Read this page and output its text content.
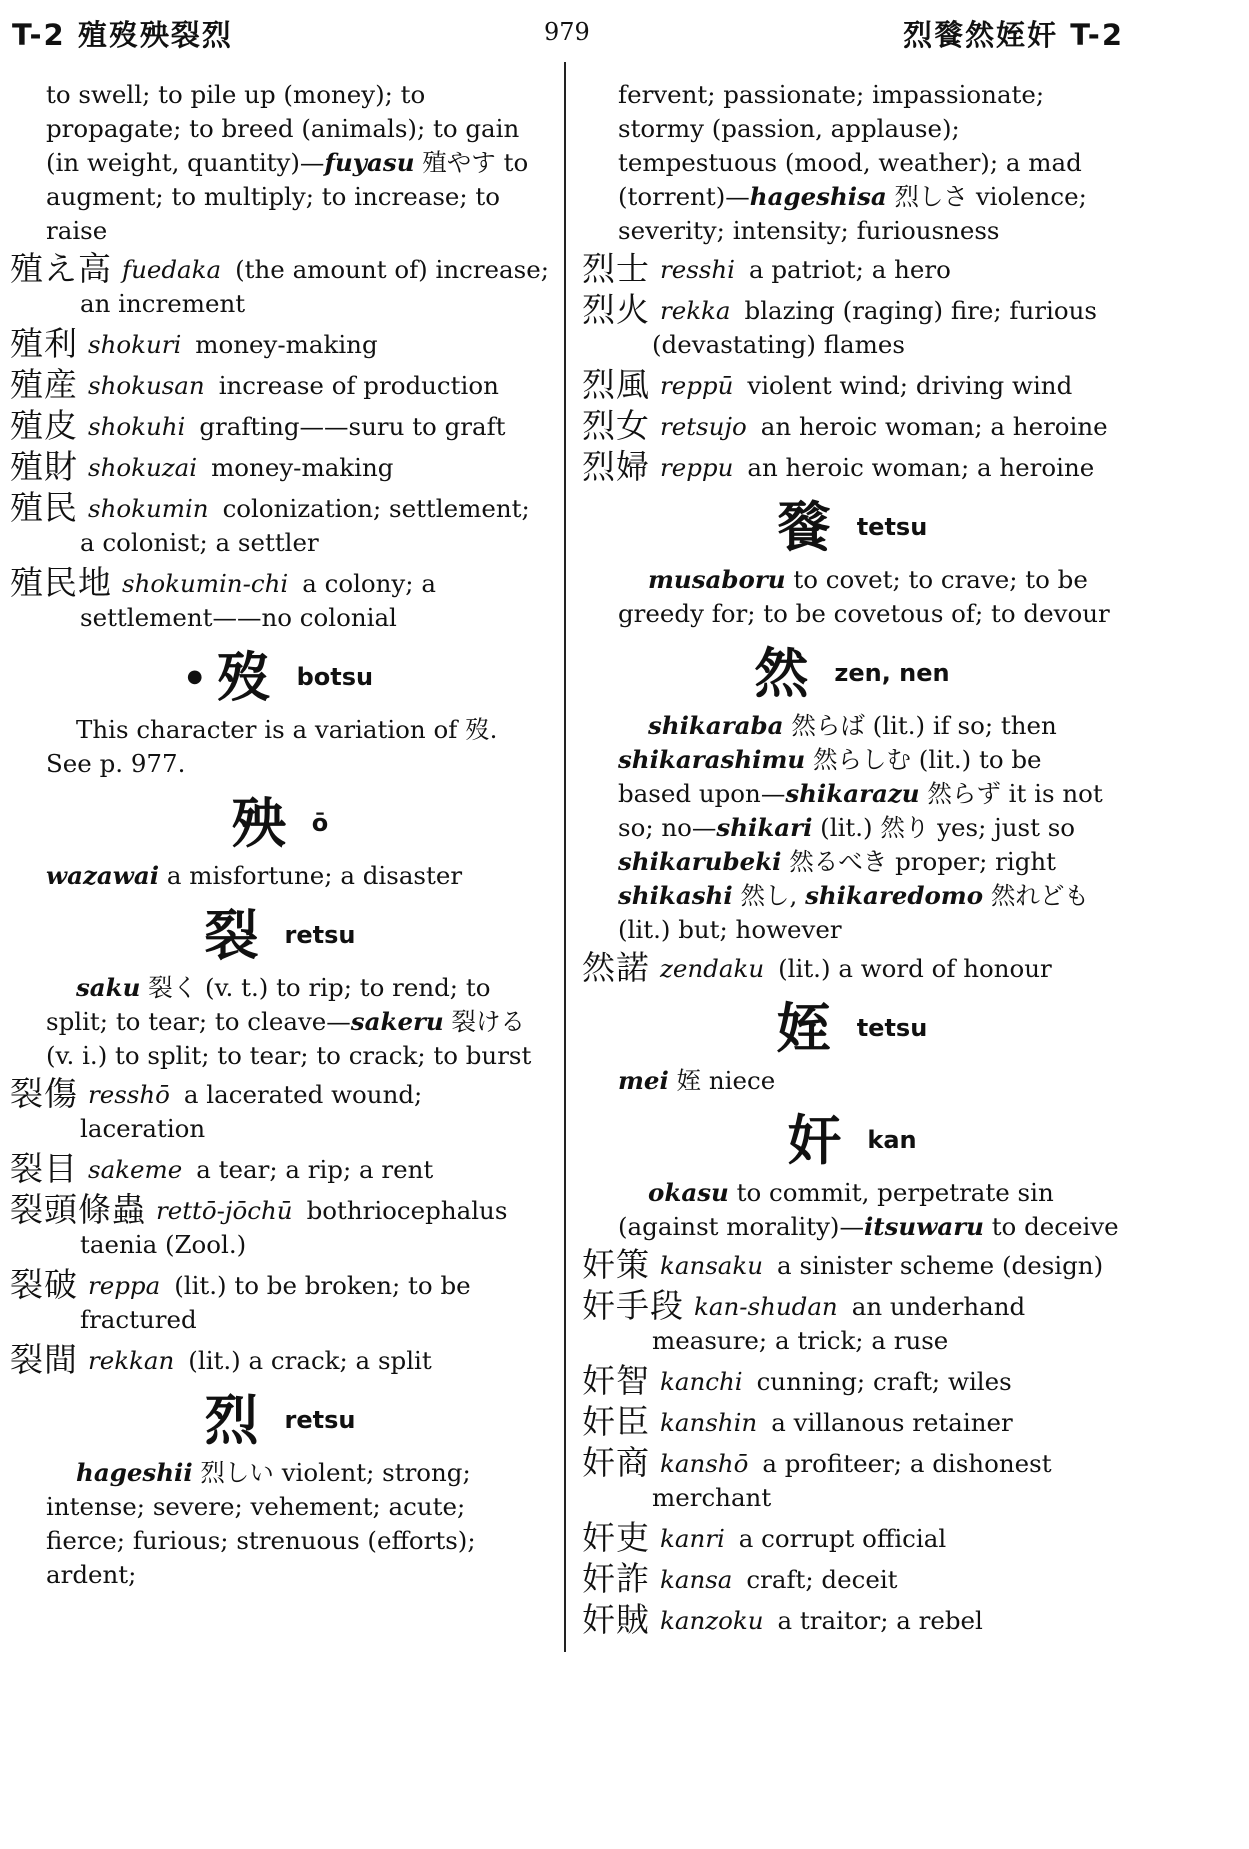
T-2 殖歿殃裂烈	979	烈餮然姪奸 T-2

to swell; to pile up (money); to propagate; to breed (animals); to gain (in weight, quantity)—fuyasu 殖やす to augment; to multiply; to increase; to raise

殖え高 fuedaka (the amount of) increase; an increment
殖利 shokuri money-making
殖産 shokusan increase of production
殖皮 shokuhi grafting——suru to graft
殖財 shokuzai money-making
殖民 shokumin colonization; settlement; a colonist; a settler
殖民地 shokumin-chi a colony; a settlement——no colonial
● 歿 botsu

This character is a variation of 歿. See p. 977.

殃 ō

wazawai a misfortune; a disaster

裂 retsu

saku 裂く (v. t.) to rip; to rend; to split; to tear; to cleave—sakeru 裂ける (v. i.) to split; to tear; to crack; to burst

裂傷 resshō a lacerated wound; laceration
裂目 sakeme a tear; a rip; a rent
裂頭條蟲 rettō-jōchū bothriocephalus taenia (Zool.)
裂破 reppa (lit.) to be broken; to be fractured
裂間 rekkan (lit.) a crack; a split
烈 retsu

hageshii 烈しい violent; strong; intense; severe; vehement; acute; fierce; furious; strenuous (efforts); ardent;

fervent; passionate; impassionate; stormy (passion, applause); tempestuous (mood, weather); a mad (torrent)—hageshisa 烈しさ violence; severity; intensity; furiousness

烈士 resshi a patriot; a hero
烈火 rekka blazing (raging) fire; furious (devastating) flames
烈風 reppū violent wind; driving wind
烈女 retsujo an heroic woman; a heroine
烈婦 reppu an heroic woman; a heroine
餮 tetsu

musaboru to covet; to crave; to be greedy for; to be covetous of; to devour

然 zen, nen

shikaraba 然らば (lit.) if so; then shikarashimu 然らしむ (lit.) to be based upon—shikarazu 然らず it is not so; no—shikari (lit.) 然り yes; just so shikarubeki 然るべき proper; right shikashi 然し, shikaredomo 然れども (lit.) but; however

然諾 zendaku (lit.) a word of honour
姪 tetsu

mei 姪 niece

奸 kan

okasu to commit, perpetrate sin (against morality)—itsuwaru to deceive

奸策 kansaku a sinister scheme (design)
奸手段 kan-shudan an underhand measure; a trick; a ruse
奸智 kanchi cunning; craft; wiles
奸臣 kanshin a villanous retainer
奸商 kanshō a profiteer; a dishonest merchant
奸吏 kanri a corrupt official
奸詐 kansa craft; deceit
奸賊 kanzoku a traitor; a rebel
